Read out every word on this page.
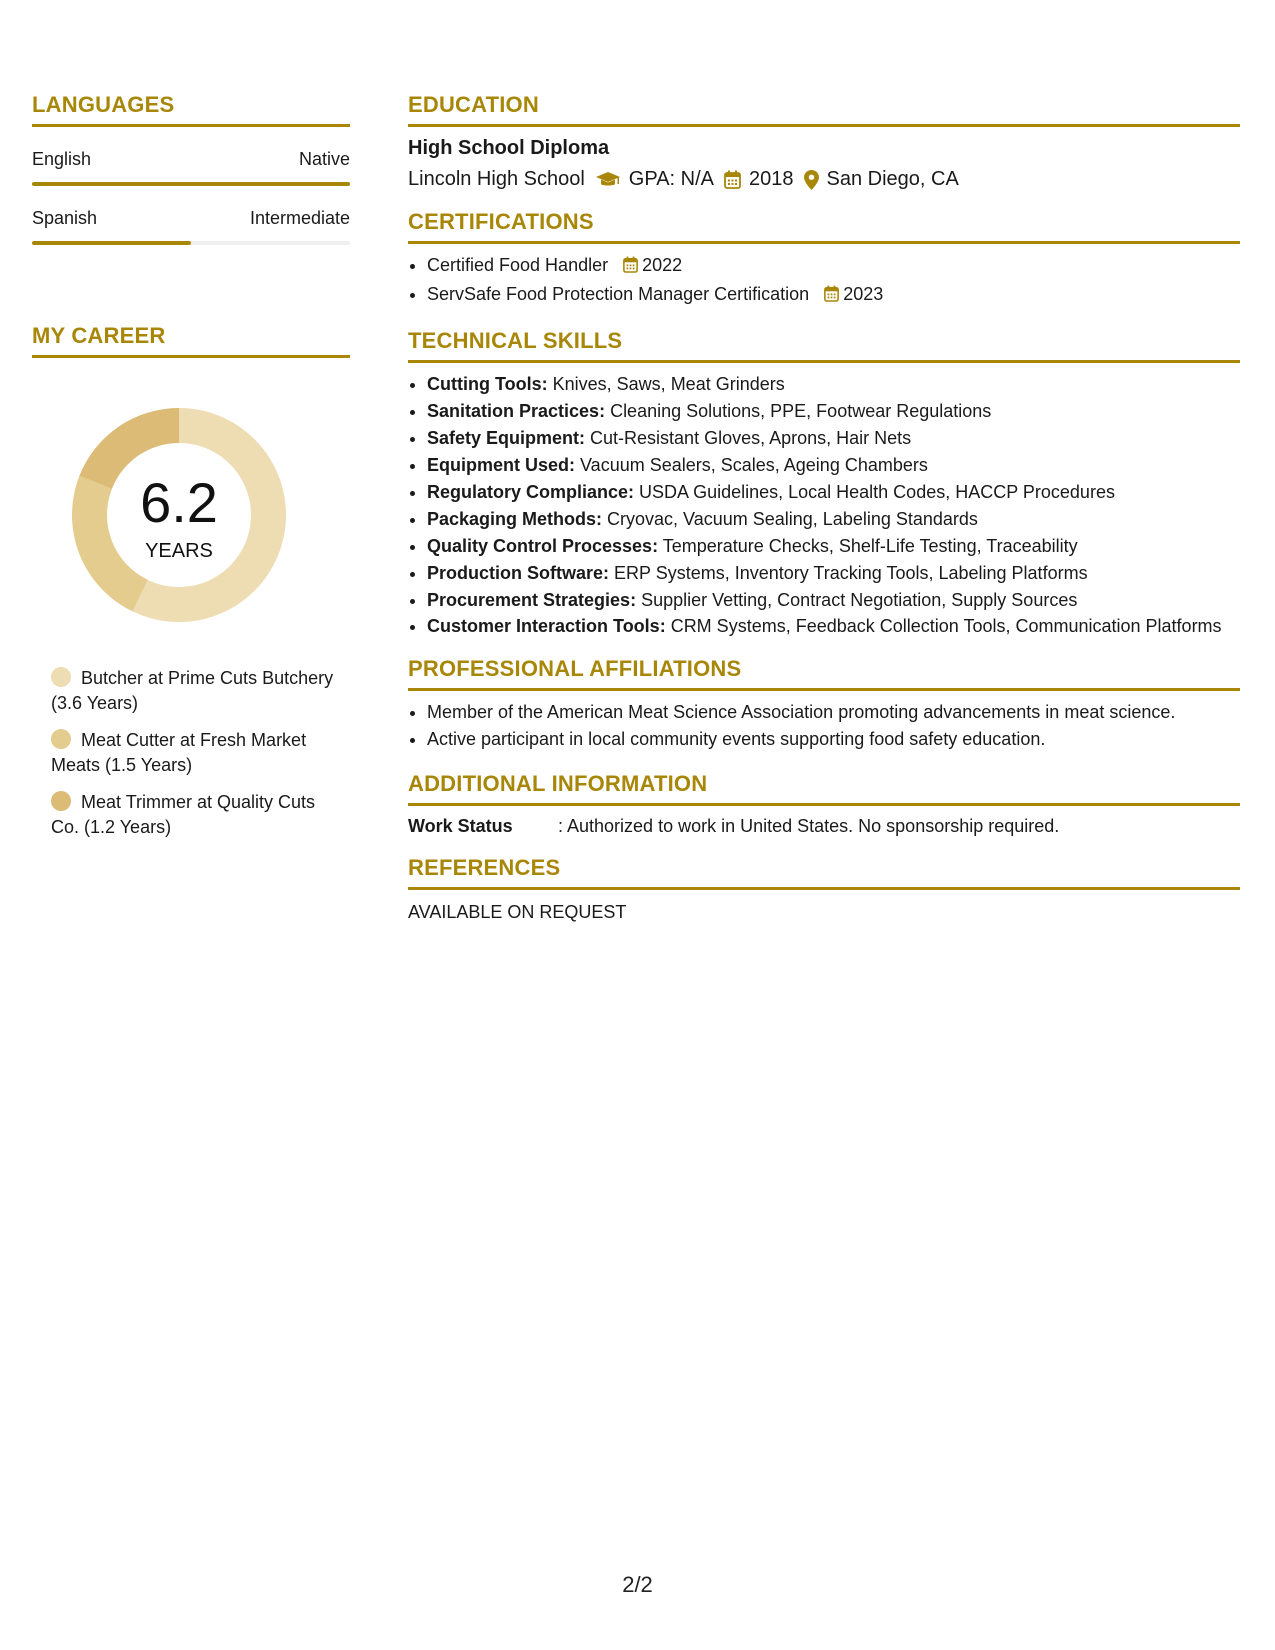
LANGUAGES
English	Native
Spanish	Intermediate
MY CAREER
6.2
YEARS
Butcher at Prime Cuts Butchery (3.6 Years)
Meat Cutter at Fresh Market Meats (1.5 Years)
Meat Trimmer at Quality Cuts Co. (1.2 Years)
EDUCATION
High School Diploma
Lincoln High School GPA: N/A 2018 San Diego, CA
CERTIFICATIONS
• Certified Food Handler 2022
• ServSafe Food Protection Manager Certification 2023
TECHNICAL SKILLS
• Cutting Tools: Knives, Saws, Meat Grinders
• Sanitation Practices: Cleaning Solutions, PPE, Footwear Regulations
• Safety Equipment: Cut-Resistant Gloves, Aprons, Hair Nets
• Equipment Used: Vacuum Sealers, Scales, Ageing Chambers
• Regulatory Compliance: USDA Guidelines, Local Health Codes, HACCP Procedures
• Packaging Methods: Cryovac, Vacuum Sealing, Labeling Standards
• Quality Control Processes: Temperature Checks, Shelf-Life Testing, Traceability
• Production Software: ERP Systems, Inventory Tracking Tools, Labeling Platforms
• Procurement Strategies: Supplier Vetting, Contract Negotiation, Supply Sources
• Customer Interaction Tools: CRM Systems, Feedback Collection Tools, Communication Platforms
PROFESSIONAL AFFILIATIONS
• Member of the American Meat Science Association promoting advancements in meat science.
• Active participant in local community events supporting food safety education.
ADDITIONAL INFORMATION
Work Status	: Authorized to work in United States. No sponsorship required.
REFERENCES
AVAILABLE ON REQUEST
2/2
